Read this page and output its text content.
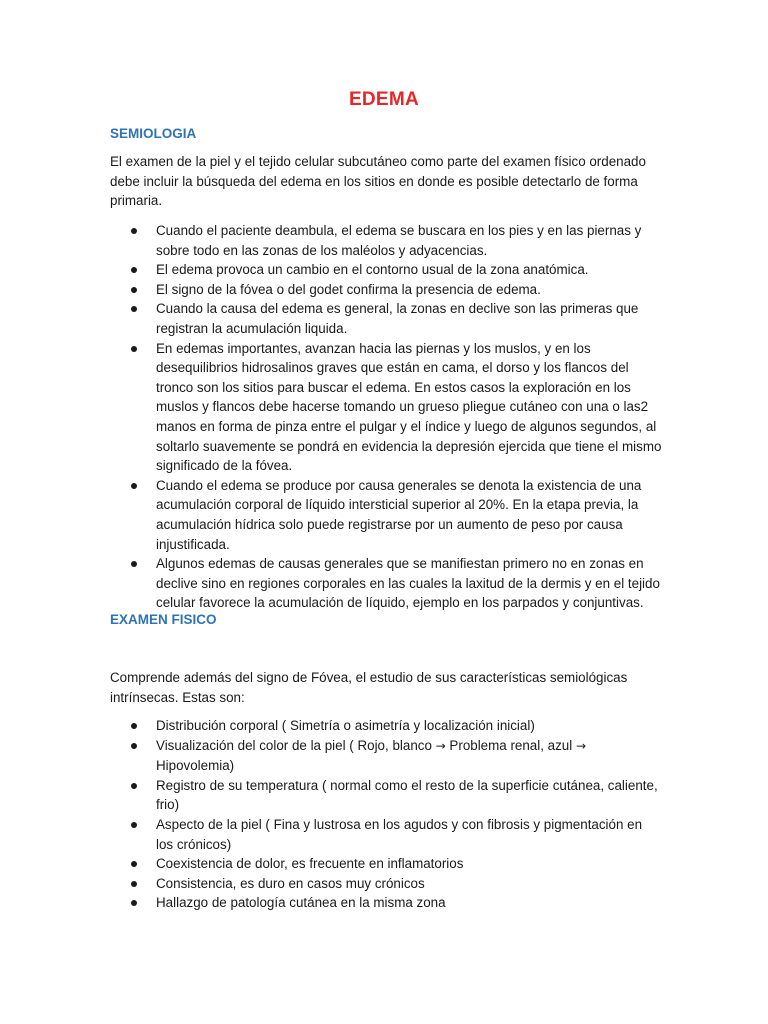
EDEMA
SEMIOLOGIA

El examen de la piel y el tejido celular subcutáneo como parte del examen físico ordenado debe incluir la búsqueda del edema en los sitios en donde es posible detectarlo de forma primaria.

Cuando el paciente deambula, el edema se buscara en los pies y en las piernas y sobre todo en las zonas de los maléolos y adyacencias.
El edema provoca un cambio en el contorno usual de la zona anatómica.
El signo de la fóvea o del godet confirma la presencia de edema.
Cuando la causa del edema es general, la zonas en declive son las primeras que registran la acumulación liquida.
En edemas importantes, avanzan hacia las piernas y los muslos, y en los desequilibrios hidrosalinos graves que están en cama, el dorso y los flancos del tronco son los sitios para buscar el edema. En estos casos la exploración en los muslos y flancos debe hacerse tomando un grueso pliegue cutáneo con una o las2 manos en forma de pinza entre el pulgar y el índice y luego de algunos segundos, al soltarlo suavemente se pondrá en evidencia la depresión ejercida que tiene el mismo significado de la fóvea.
Cuando el edema se produce por causa generales se denota la existencia de una acumulación corporal de líquido intersticial superior al 20%. En la etapa previa, la acumulación hídrica solo puede registrarse por un aumento de peso por causa injustificada.
Algunos edemas de causas generales que se manifiestan primero no en zonas en declive sino en regiones corporales en las cuales la laxitud de la dermis y en el tejido celular favorece la acumulación de líquido, ejemplo en los parpados y conjuntivas.
EXAMEN FISICO

Comprende además del signo de Fóvea, el estudio de sus características semiológicas intrínsecas. Estas son:

Distribución corporal ( Simetría o asimetría y localización inicial)
Visualización del color de la piel ( Rojo, blanco → Problema renal, azul →Hipovolemia)
Registro de su temperatura ( normal como el resto de la superficie cutánea, caliente, frio)
Aspecto de la piel ( Fina y lustrosa en los agudos y con fibrosis y pigmentación en los crónicos)
Coexistencia de dolor, es frecuente en inflamatorios
Consistencia, es duro en casos muy crónicos
Hallazgo de patología cutánea en la misma zona
